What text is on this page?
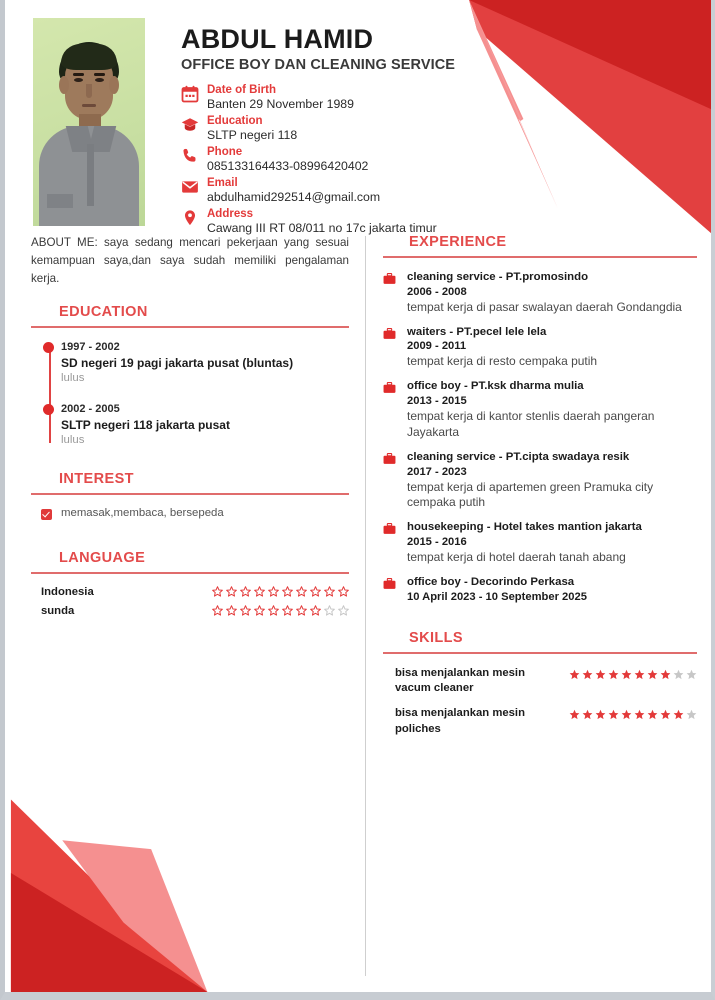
ABDUL HAMID
OFFICE BOY DAN CLEANING SERVICE
Date of Birth
Banten 29 November 1989
Education
SLTP negeri 118
Phone
085133164433-08996420402
Email
abdulhamid292514@gmail.com
Address
Cawang III RT 08/011 no 17c jakarta timur
ABOUT ME: saya sedang mencari pekerjaan yang sesuai kemampuan saya,dan saya sudah memiliki pengalaman kerja.
EDUCATION
1997 - 2002
SD negeri 19 pagi jakarta pusat (bluntas)
lulus
2002 - 2005
SLTP negeri 118 jakarta pusat
lulus
INTEREST
memasak,membaca, bersepeda
LANGUAGE
Indonesia
sunda
EXPERIENCE
cleaning service - PT.promosindo
2006 - 2008
tempat kerja di pasar swalayan daerah Gondangdia
waiters - PT.pecel lele lela
2009 - 2011
tempat kerja di resto cempaka putih
office boy - PT.ksk dharma mulia
2013 - 2015
tempat kerja di kantor stenlis daerah pangeran Jayakarta
cleaning service - PT.cipta swadaya resik
2017 - 2023
tempat kerja di apartemen green Pramuka city cempaka putih
housekeeping - Hotel takes mantion jakarta
2015 - 2016
tempat kerja di hotel daerah tanah abang
office boy - Decorindo Perkasa
10 April 2023 - 10 September 2025
SKILLS
bisa menjalankan mesin vacum cleaner
bisa menjalankan mesin poliches
